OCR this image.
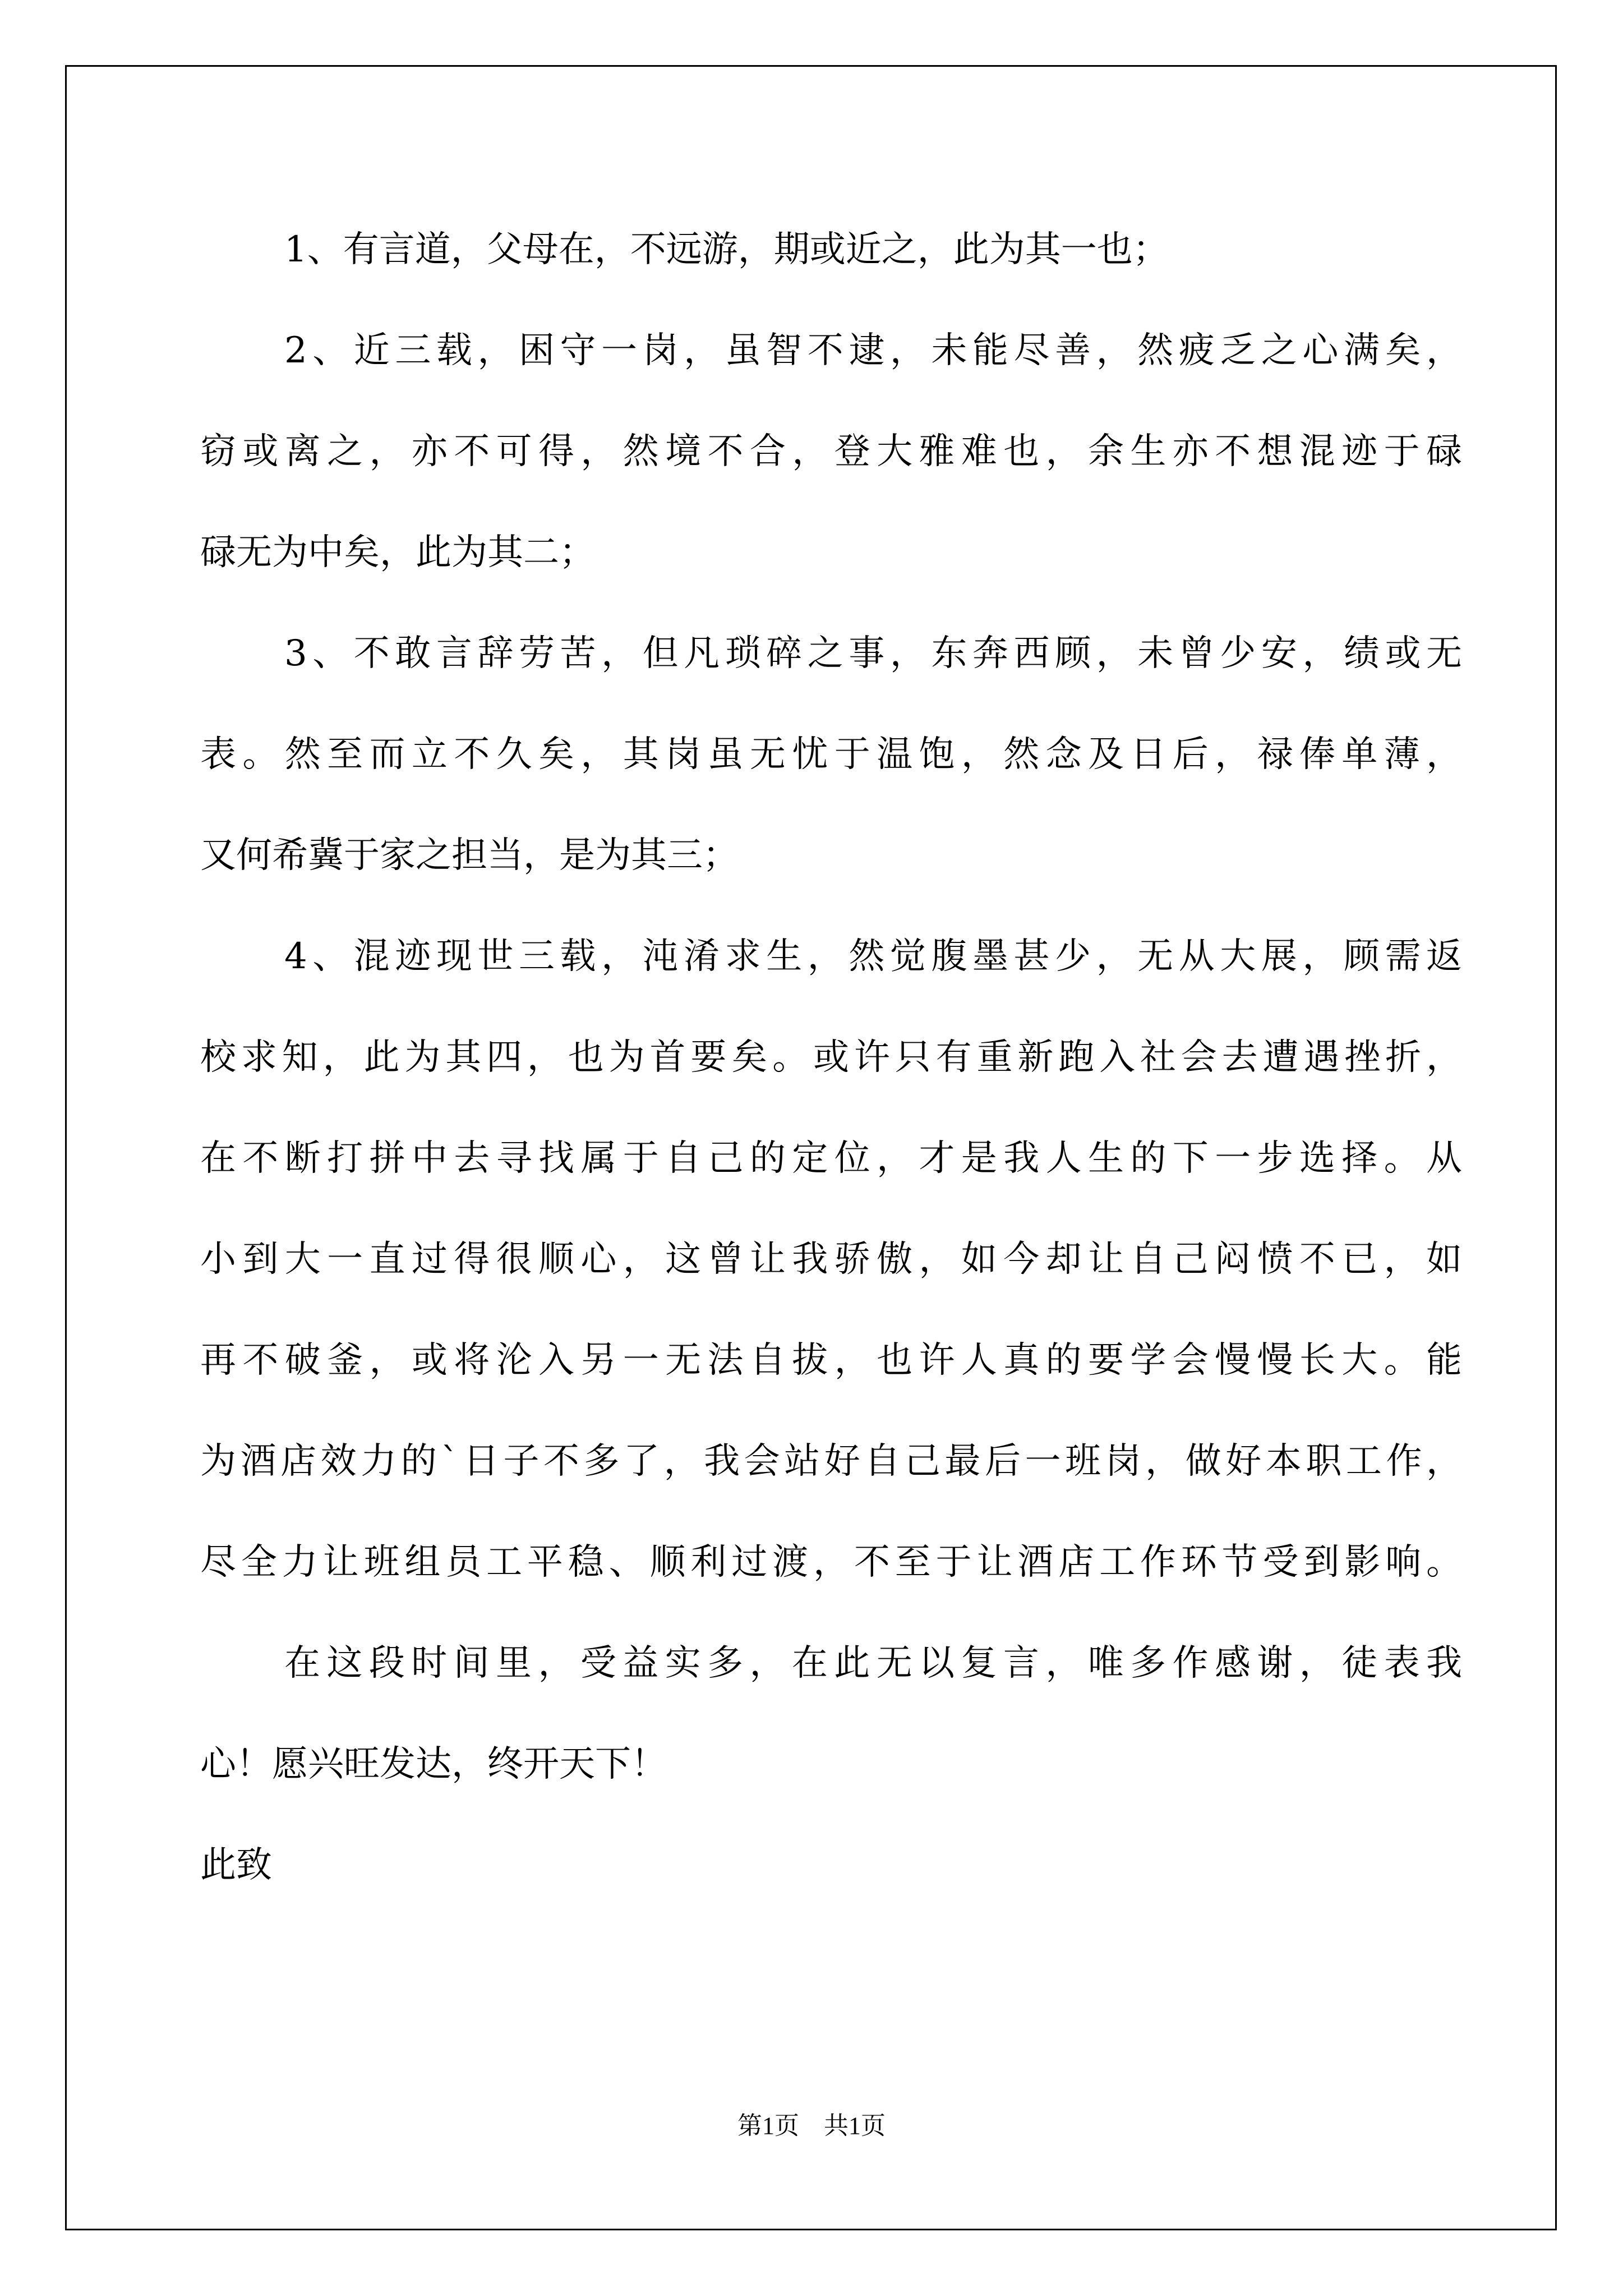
1、有言道，父母在，不远游，期或近之，此为其一也；
2、近三载，困守一岗，虽智不逮，未能尽善，然疲乏之心满矣，
窃或离之，亦不可得，然境不合，登大雅难也，余生亦不想混迹于碌
碌无为中矣，此为其二；
3、不敢言辞劳苦，但凡琐碎之事，东奔西顾，未曾少安，绩或无
表。然至而立不久矣，其岗虽无忧于温饱，然念及日后，禄俸单薄，
又何希冀于家之担当，是为其三；
4、混迹现世三载，沌淆求生，然觉腹墨甚少，无从大展，顾需返
校求知，此为其四，也为首要矣。或许只有重新跑入社会去遭遇挫折，
在不断打拼中去寻找属于自己的定位，才是我人生的下一步选择。从
小到大一直过得很顺心，这曾让我骄傲，如今却让自己闷愤不已，如
再不破釜，或将沦入另一无法自拔，也许人真的要学会慢慢长大。能
为酒店效力的`日子不多了，我会站好自己最后一班岗，做好本职工作，
尽全力让班组员工平稳、顺利过渡，不至于让酒店工作环节受到影响。
在这段时间里，受益实多，在此无以复言，唯多作感谢，徒表我
心！愿兴旺发达，终开天下！
此致
第1页　共1页
